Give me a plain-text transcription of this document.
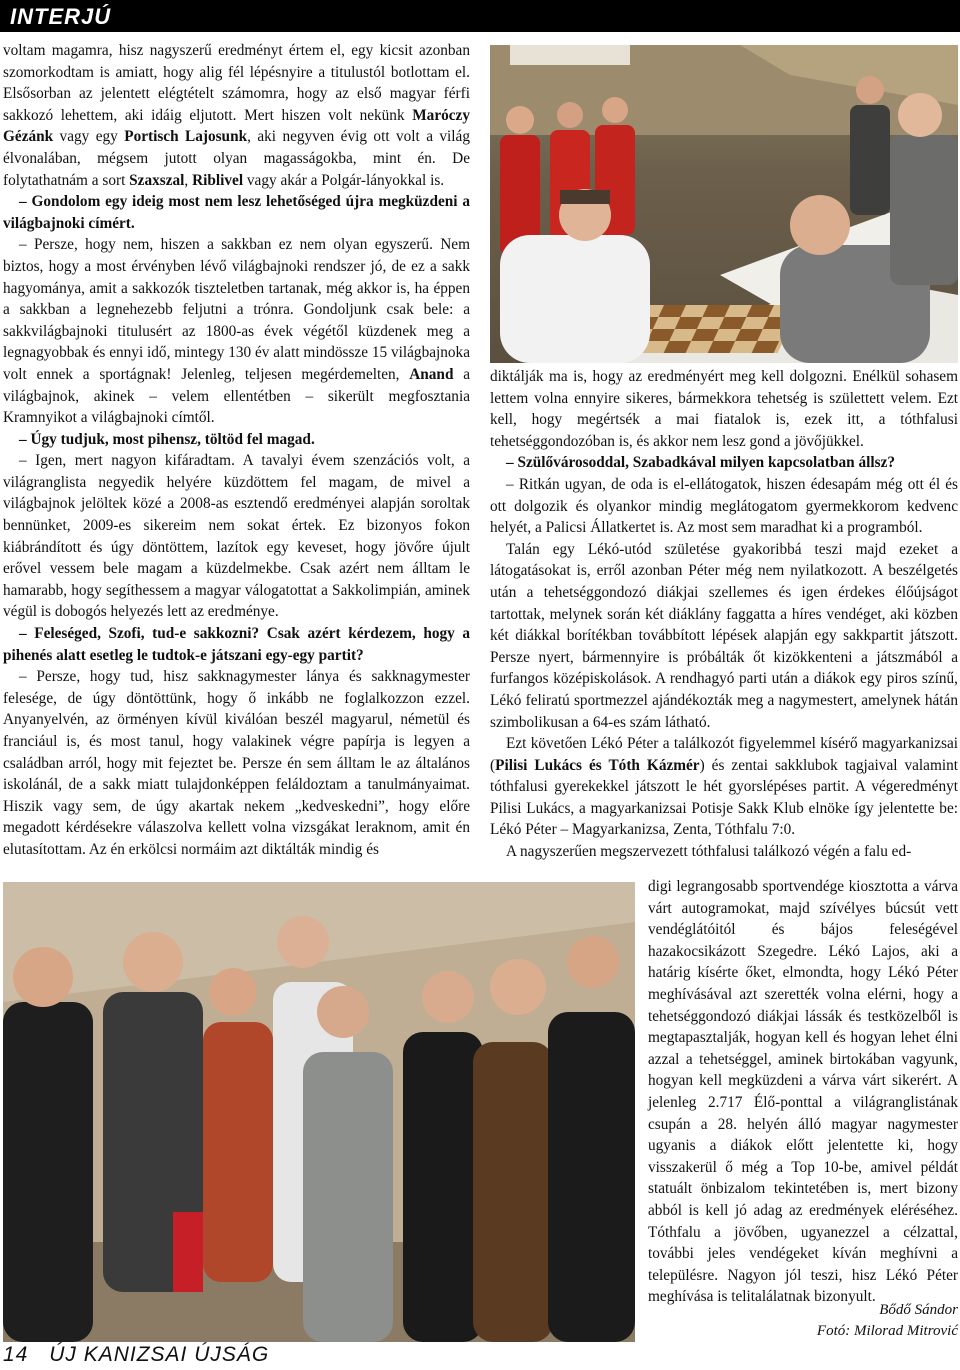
INTERJÚ

voltam magamra, hisz nagyszerű eredményt értem el, egy kicsit azonban szomorkodtam is amiatt, hogy alig fél lépésnyire a titulustól botlottam el. Elsősorban az jelentett elégtételt számomra, hogy az első magyar férfi sakkozó lehettem, aki idáig eljutott. Mert hiszen volt nekünk Maróczy Gézánk vagy egy Portisch Lajosunk, aki negyven évig ott volt a világ élvonalában, mégsem jutott olyan magasságokba, mint én. De folytathatnám a sort Szaxszal, Riblivel vagy akár a Polgár-lányokkal is.

– Gondolom egy ideig most nem lesz lehetőséged újra megküzdeni a világbajnoki címért.

– Persze, hogy nem, hiszen a sakkban ez nem olyan egyszerű. Nem biztos, hogy a most érvényben lévő világbajnoki rendszer jó, de ez a sakk hagyománya, amit a sakkozók tiszteletben tartanak, még akkor is, ha éppen a sakkban a legnehezebb feljutni a trónra. Gondoljunk csak bele: a sakkvilágbajnoki titulusért az 1800-as évek végétől küzdenek meg a legnagyobbak és ennyi idő, mintegy 130 év alatt mindössze 15 világbajnoka volt ennek a sportágnak! Jelenleg, teljesen megérdemelten, Anand a világbajnok, akinek – velem ellentétben – sikerült megfosztania Kramnyikot a világbajnoki címtől.

– Úgy tudjuk, most pihensz, töltöd fel magad.

– Igen, mert nagyon kifáradtam. A tavalyi évem szenzációs volt, a világranglista negyedik helyére küzdöttem fel magam, de mivel a világbajnok jelöltek közé a 2008-as esztendő eredményei alapján soroltak bennünket, 2009-es sikereim nem sokat értek. Ez bizonyos fokon kiábrándított és úgy döntöttem, lazítok egy keveset, hogy jövőre újult erővel vessem bele magam a küzdelmekbe. Csak azért nem álltam le hamarabb, hogy segíthessem a magyar válogatottat a Sakkolimpián, aminek végül is dobogós helyezés lett az eredménye.

– Feleséged, Szofi, tud-e sakkozni? Csak azért kérdezem, hogy a pihenés alatt esetleg le tudtok-e játszani egy-egy partit?

– Persze, hogy tud, hisz sakknagymester lánya és sakknagymester felesége, de úgy döntöttünk, hogy ő inkább ne foglalkozzon ezzel. Anyanyelvén, az örményen kívül kiválóan beszél magyarul, németül és franciául is, és most tanul, hogy valakinek végre papírja is legyen a családban arról, hogy mit fejeztet be. Persze én sem álltam le az általános iskolánál, de a sakk miatt tulajdonképpen feláldoztam a tanulmányaimat. Hiszik vagy sem, de úgy akartak nekem „kedveskedni”, hogy előre megadott kérdésekre válaszolva kellett volna vizsgákat leraknom, amit én elutasítottam. Az én erkölcsi normáim azt diktálták mindig és

diktálják ma is, hogy az eredményért meg kell dolgozni. Enélkül sohasem lettem volna ennyire sikeres, bármekkora tehetség is születtett velem. Ezt kell, hogy megértsék a mai fiatalok is, ezek itt, a tóthfalusi tehetséggondozóban is, és akkor nem lesz gond a jövőjükkel.

– Szülővárosoddal, Szabadkával milyen kapcsolatban állsz?

– Ritkán ugyan, de oda is el-ellátogatok, hiszen édesapám még ott él és ott dolgozik és olyankor mindig meglátogatom gyermekkorom kedvenc helyét, a Palicsi Állatkertet is. Az most sem maradhat ki a programból.

Talán egy Lékó-utód születése gyakoribbá teszi majd ezeket a látogatásokat is, erről azonban Péter még nem nyilatkozott. A beszélgetés után a tehetséggondozó diákjai szellemes és igen érdekes élőújságot tartottak, melynek során két diáklány faggatta a híres vendéget, aki közben két diákkal borítékban továbbított lépések alapján egy sakkpartit játszott. Persze nyert, bármennyire is próbálták őt kizökkenteni a játszmából a furfangos középiskolások. A rendhagyó parti után a diákok egy piros színű, Lékó feliratú sportmezzel ajándékozták meg a nagymestert, amelynek hátán szimbolikusan a 64-es szám látható.

Ezt követően Lékó Péter a találkozót figyelemmel kísérő magyarkanizsai (Pilisi Lukács és Tóth Kázmér) és zentai sakklubok tagjaival valamint tóthfalusi gyerekekkel játszott le hét gyorslépéses partit. A végeredményt Pilisi Lukács, a magyarkanizsai Potisje Sakk Klub elnöke így jelentette be: Lékó Péter – Magyarkanizsa, Zenta, Tóthfalu 7:0.

A nagyszerűen megszervezett tóthfalusi találkozó végén a falu ed-

digi legrangosabb sportvendége kiosztotta a várva várt autogramokat, majd szívélyes búcsút vett vendéglátóitól és bájos feleségével hazakocsikázott Szegedre. Lékó Lajos, aki a határig kísérte őket, elmondta, hogy Lékó Péter meghívásával azt szerették volna elérni, hogy a tehetséggondozó diákjai lássák és testközelből is megtapasztalják, hogyan kell és hogyan lehet élni azzal a tehetséggel, aminek birtokában vagyunk, hogyan kell megküzdeni a várva várt sikerért. A jelenleg 2.717 Élő-ponttal a világranglistának csupán a 28. helyén álló magyar nagymester ugyanis a diákok előtt jelentette ki, hogy visszakerül ő még a Top 10-be, amivel példát statuált önbizalom tekintetében is, mert bizony abból is kell jó adag az eredmények eléréséhez. Tóthfalu a jövőben, ugyanezzel a célzattal, további jeles vendégeket kíván meghívni a településre. Nagyon jól teszi, hisz Lékó Péter meghívása is telitalálatnak bizonyult.

Bődő Sándor
Fotó: Milorad Mitrović
14 ÚJ KANIZSAI ÚJSÁG
